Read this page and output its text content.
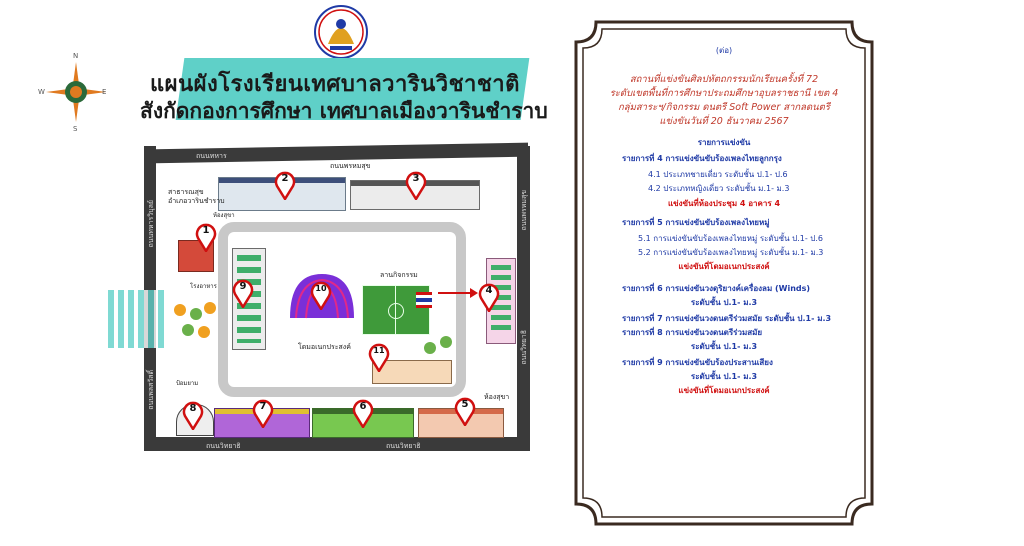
N
E
S
W	แผนผังโรงเรียนเทศบาลวารินวิชาชาติ
สังกัดกองการศึกษา เทศบาลเมืองวารินชำราบ
ถนนทหาร
ถนนพรหมสุข
ถนนวิทยาธิ	ถนนวิทยาธิ
ถนนทหารวิบุลย์
ถนนพลสวัสดิ์
ถนนพรหมสุข
ถนนวิทยาธิ
ลานกิจกรรม
โดมอเนกประสงค์
โรงอาหาร
สาธารณสุข
อำเภอวารินชำราบ
ห้องสุขา
ป้อมยาม
ห้องสุขา
1
2	3
4
5
6
7
8
9	10
11
(ต่อ)
สถานที่แข่งขันศิลปหัตถกรรมนักเรียนครั้งที่ 72
ระดับเขตพื้นที่การศึกษาประถมศึกษาอุบลราชธานี เขต 4
กลุ่มสาระฯ/กิจกรรม ดนตรี Soft Power สากลดนตรี
แข่งขันวันที่ 20 ธันวาคม 2567
รายการแข่งขัน
รายการที่ 4 การแข่งขันขับร้องเพลงไทยลูกกรุง
4.1 ประเภทชายเดี่ยว ระดับชั้น ป.1- ป.6
4.2 ประเภทหญิงเดี่ยว ระดับชั้น ม.1- ม.3
แข่งขันที่ห้องประชุม 4 อาคาร 4
รายการที่ 5 การแข่งขันขับร้องเพลงไทยหมู่
5.1 การแข่งขันขับร้องเพลงไทยหมู่ ระดับชั้น ป.1- ป.6
5.2 การแข่งขันขับร้องเพลงไทยหมู่ ระดับชั้น ม.1- ม.3
แข่งขันที่โดมอเนกประสงค์
รายการที่ 6 การแข่งขันวงดุริยางค์เครื่องลม (Winds)
ระดับชั้น ป.1- ม.3
รายการที่ 7 การแข่งขันวงดนตรีร่วมสมัย ระดับชั้น ป.1- ม.3
รายการที่ 8 การแข่งขันวงดนตรีร่วมสมัย
ระดับชั้น ป.1- ม.3
รายการที่ 9 การแข่งขันขับร้องประสานเสียง
ระดับชั้น ป.1- ม.3
แข่งขันที่โดมอเนกประสงค์
